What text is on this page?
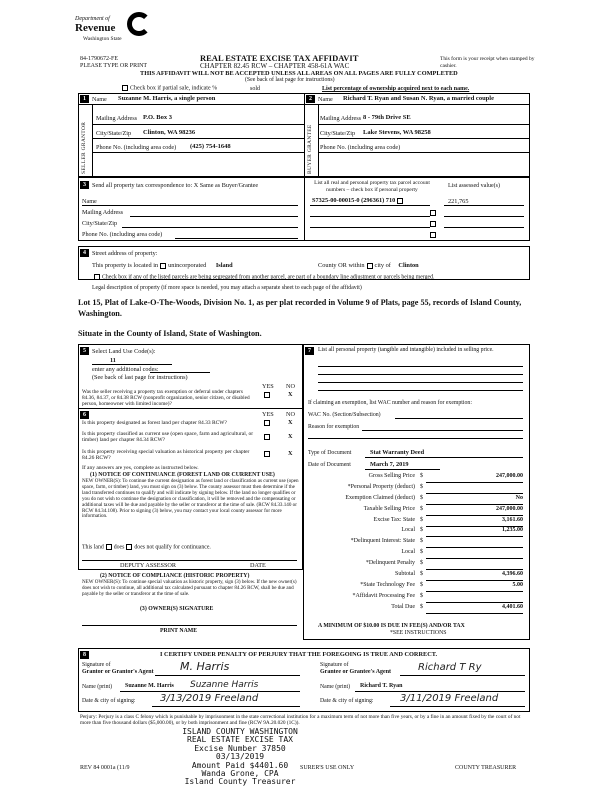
Department of
Revenue
Washington State
84-1790672-FE
PLEASE TYPE OR PRINT
REAL ESTATE EXCISE TAX AFFIDAVIT
CHAPTER 82.45 RCW – CHAPTER 458-61A WAC
This form is your receipt when stamped by cashier.
THIS AFFIDAVIT WILL NOT BE ACCEPTED UNLESS ALL AREAS ON ALL PAGES ARE FULLY COMPLETED
(See back of last page for instructions)
Check box if partial sale, indicate %	sold	List percentage of ownership acquired next to each name.
1 Name Suzanne M. Harris, a single person
SELLER GRANTOR
Mailing Address P.O. Box 3
City/State/Zip Clinton, WA 98236
Phone No. (including area code) (425) 754-1648
2 Name Richard T. Ryan and Susan N. Ryan, a married couple
BUYER GRANTEE
Mailing Address 8 - 79th Drive SE
City/State/Zip Lake Stevens, WA 98258
Phone No. (including area code)
3 Send all property tax correspondence to: X Same as Buyer/Grantee
Name
Mailing Address
City/State/Zip
Phone No. (including area code)
List all real and personal property tax parcel account numbers – check box if personal property
List assessed value(s)
S7325-00-00015-0 (296361) 710	221,765
4 Street address of property:
This property is located in unincorporated Island	County OR within city of Clinton
Check box if any of the listed parcels are being segregated from another parcel, are part of a boundary line adjustment or parcels being merged.
Legal description of property (if more space is needed, you may attach a separate sheet to each page of the affidavit)
Lot 15, Plat of Lake-O-The-Woods, Division No. 1, as per plat recorded in Volume 9 of Plats, page 55, records of Island County, Washington.
Situate in the County of Island, State of Washington.
5 Select Land Use Code(s):
11
enter any additional codes:
(See back of last page for instructions)
YES NO
Was the seller receiving a property tax exemption or deferral under chapters 84.36, 84.37, or 84.38 RCW (nonprofit organization, senior citizen, or disabled person, homeowner with limited income)?
X
6	YES NO
Is this property designated as forest land per chapter 84.33 RCW?	X
Is this property classified as current use (open space, farm and agricultural, or timber) land per chapter 84.34 RCW?
X
Is this property receiving special valuation as historical property per chapter 84.26 RCW?
X
If any answers are yes, complete as instructed below.
(1) NOTICE OF CONTINUANCE (FOREST LAND OR CURRENT USE)
NEW OWNER(S): To continue the current designation as forest land or classification as current use (open space, farm, or timber) land, you must sign on (3) below. The county assessor must then determine if the land transferred continues to qualify and will indicate by signing below. If the land no longer qualifies or you do not wish to continue the designation or classification, it will be removed and the compensating or additional taxes will be due and payable by the seller or transferor at the time of sale. (RCW 84.33.140 or RCW 84.34.108). Prior to signing (3) below, you may contact your local county assessor for more information.
This land does does not qualify for continuance.
DEPUTY ASSESSOR	DATE
(2) NOTICE OF COMPLIANCE (HISTORIC PROPERTY)
NEW OWNER(S): To continue special valuation as historic property, sign (3) below. If the new owner(s) does not wish to continue, all additional tax calculated pursuant to chapter 84.26 RCW, shall be due and payable by the seller or transferor at the time of sale.
(3) OWNER(S) SIGNATURE
PRINT NAME
7	List all personal property (tangible and intangible) included in selling price.
If claiming an exemption, list WAC number and reason for exemption:
WAC No. (Section/Subsection)
Reason for exemption
Type of Document	Stat Warranty Deed
Date of Document	March 7, 2019
Gross Selling Price $	247,000.00
*Personal Property (deduct) $
Exemption Claimed (deduct) $	No
Taxable Selling Price $	247,000.00
Excise Tax: State $	3,161.60
Local $	1,235.00
*Delinquent Interest: State $
Local $
*Delinquent Penalty $
Subtotal $	4,396.60
*State Technology Fee $	5.00
*Affidavit Processing Fee $
Total Due $	4,401.60
A MINIMUM OF $10.00 IS DUE IN FEE(S) AND/OR TAX
*SEE INSTRUCTIONS
8	I CERTIFY UNDER PENALTY OF PERJURY THAT THE FOREGOING IS TRUE AND CORRECT.
Signature of
Grantor or Grantor's Agent M. Harris	Signature of
Grantee or Grantee's Agent	Richard T Ry
Name (print) Suzanne M. Harris Suzanne Harris	Name (print) Richard T. Ryan
Date & city of signing: 3/13/2019 Freeland	Date & city of signing:	3/11/2019 Freeland
Perjury: Perjury is a class C felony which is punishable by imprisonment in the state correctional institution for a maximum term of not more than five years, or by a fine in an amount fixed by the court of not more than five thousand dollars ($5,000.00), or by both imprisonment and fine (RCW 9A.20.020 (1C)).
ISLAND COUNTY WASHINGTON
REAL ESTATE EXCISE TAX
Excise Number 37850
03/13/2019
Amount Paid $4401.60
Wanda Grone, CPA
Island County Treasurer
REV 84 0001a (11/9	SURER'S USE ONLY	COUNTY TREASURER
